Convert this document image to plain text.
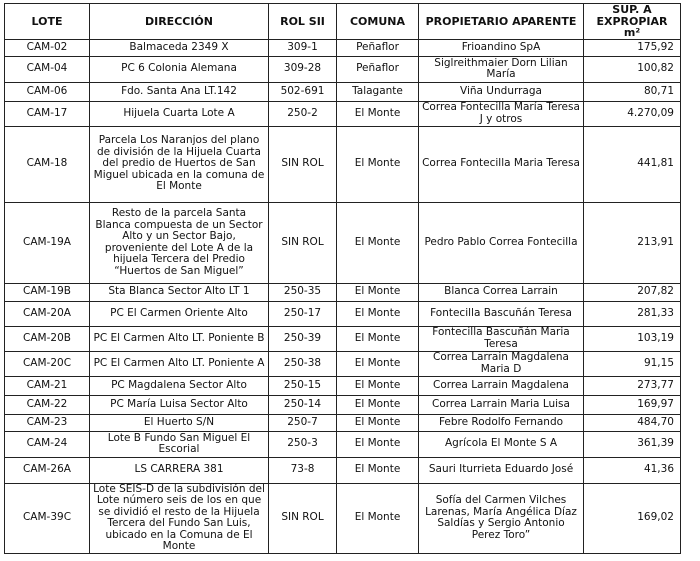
LOTE	DIRECCIÓN	ROL SII	COMUNA	PROPIETARIO APARENTE	SUP. A EXPROPIAR m²
CAM-02	Balmaceda 2349 X	309-1	Peñaflor	Frioandino SpA	175,92
CAM-04	PC 6 Colonia Alemana	309-28	Peñaflor	Siglreithmaier Dorn Lilian María	100,82
CAM-06	Fdo. Santa Ana LT.142	502-691	Talagante	Viña Undurraga	80,71
CAM-17	Hijuela Cuarta Lote A	250-2	El Monte	Correa Fontecilla María Teresa J y otros	4.270,09
CAM-18	Parcela Los Naranjos del plano de división de la Hijuela Cuarta del predio de Huertos de San Miguel ubicada en la comuna de El Monte	SIN ROL	El Monte	Correa Fontecilla Maria Teresa	441,81
CAM-19A	Resto de la parcela Santa Blanca compuesta de un Sector Alto y un Sector Bajo, proveniente del Lote A de la hijuela Tercera del Predio “Huertos de San Miguel”	SIN ROL	El Monte	Pedro Pablo Correa Fontecilla	213,91
CAM-19B	Sta Blanca Sector Alto LT 1	250-35	El Monte	Blanca Correa Larrain	207,82
CAM-20A	PC El Carmen Oriente Alto	250-17	El Monte	Fontecilla Bascuñán Teresa	281,33
CAM-20B	PC El Carmen Alto LT. Poniente B	250-39	El Monte	Fontecilla Bascuñán Maria Teresa	103,19
CAM-20C	PC El Carmen Alto LT. Poniente A	250-38	El Monte	Correa Larrain Magdalena Maria D	91,15
CAM-21	PC Magdalena Sector Alto	250-15	El Monte	Correa Larrain Magdalena	273,77
CAM-22	PC María Luisa Sector Alto	250-14	El Monte	Correa Larrain Maria Luisa	169,97
CAM-23	El Huerto S/N	250-7	El Monte	Febre Rodolfo Fernando	484,70
CAM-24	Lote B Fundo San Miguel El Escorial	250-3	El Monte	Agrícola El Monte S A	361,39
CAM-26A	LS CARRERA 381	73-8	El Monte	Sauri Iturrieta Eduardo José	41,36
CAM-39C	Lote SEIS-D de la subdivisión del Lote número seis de los en que se dividió el resto de la Hijuela Tercera del Fundo San Luis, ubicado en la Comuna de El Monte	SIN ROL	El Monte	Sofía del Carmen Vilches Larenas, María Angélica Díaz Saldías y Sergio Antonio Perez Toro”	169,02
